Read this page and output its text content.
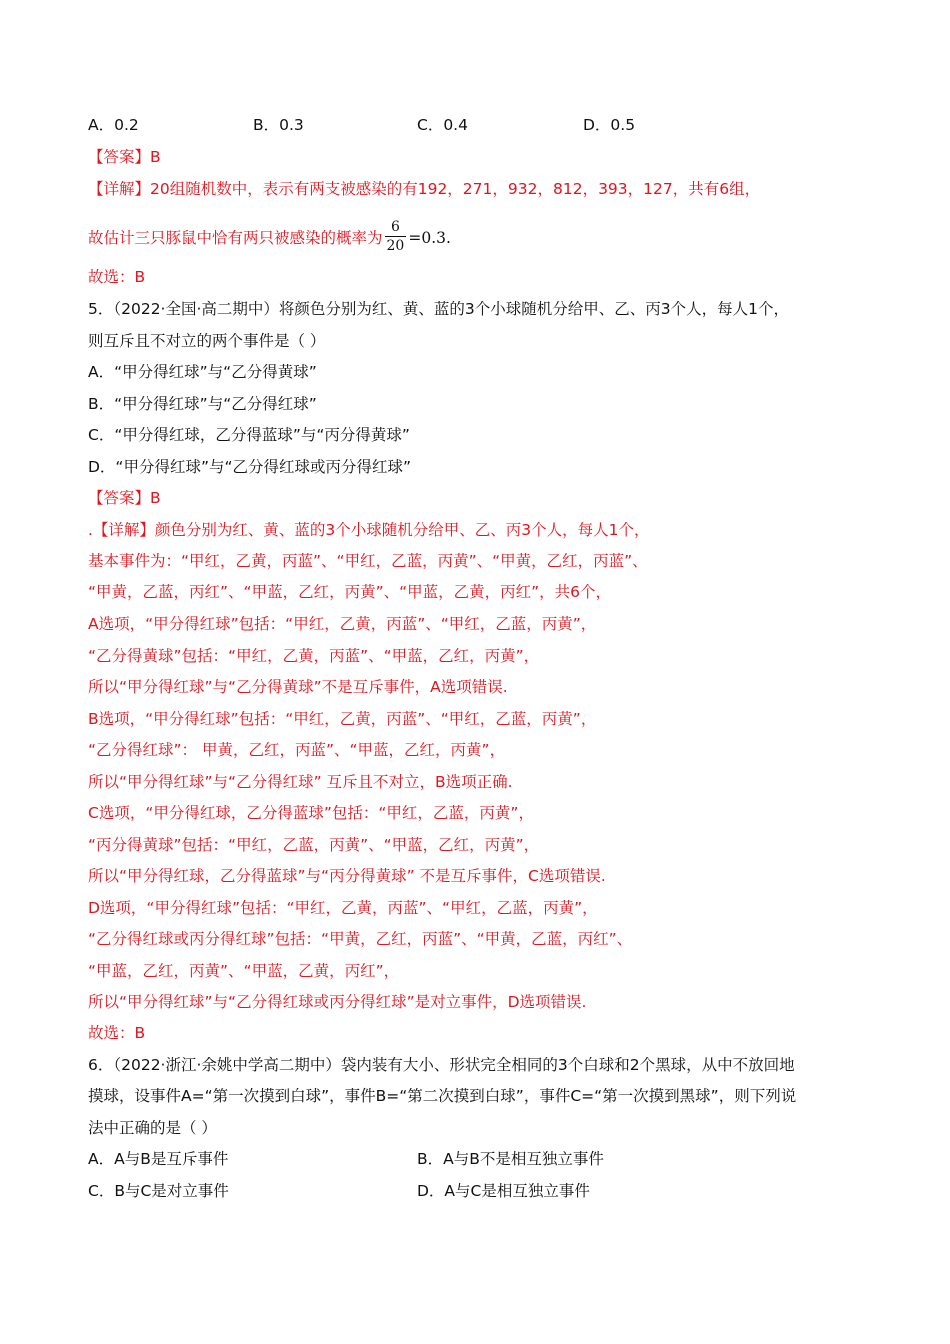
A．0.2	B．0.3	C．0.4	D．0.5
【答案】B
【详解】20组随机数中，表示有两支被感染的有192，271，932，812，393，127，共有6组，
故估计三只豚鼠中恰有两只被感染的概率为 $\frac{6}{20} =0.3$.
故选：B
5．（2022·全国·高二期中）将颜色分别为红、黄、蓝的3个小球随机分给甲、乙、丙3个人，每人1个，
则互斥且不对立的两个事件是（ ）
A．“甲分得红球”与“乙分得黄球”
B．“甲分得红球”与“乙分得红球”
C．“甲分得红球，乙分得蓝球”与“丙分得黄球”
D．“甲分得红球”与“乙分得红球或丙分得红球”
【答案】B
.【详解】颜色分别为红、黄、蓝的3个小球随机分给甲、乙、丙3个人，每人1个，
基本事件为：“甲红，乙黄，丙蓝”、“甲红，乙蓝，丙黄”、“甲黄，乙红，丙蓝”、
“甲黄，乙蓝，丙红”、“甲蓝，乙红，丙黄”、“甲蓝，乙黄，丙红”，共6个，
A选项，“甲分得红球”包括：“甲红，乙黄，丙蓝”、“甲红，乙蓝，丙黄”，
“乙分得黄球”包括：“甲红，乙黄，丙蓝”、“甲蓝，乙红，丙黄”，
所以“甲分得红球”与“乙分得黄球”不是互斥事件，A选项错误.
B选项，“甲分得红球”包括：“甲红，乙黄，丙蓝”、“甲红，乙蓝，丙黄”，
“乙分得红球”： 甲黄，乙红，丙蓝”、“甲蓝，乙红，丙黄”，
所以“甲分得红球”与“乙分得红球” 互斥且不对立，B选项正确.
C选项，“甲分得红球，乙分得蓝球”包括：“甲红，乙蓝，丙黄”，
“丙分得黄球”包括：“甲红，乙蓝，丙黄”、“甲蓝，乙红，丙黄”，
所以“甲分得红球，乙分得蓝球”与“丙分得黄球” 不是互斥事件，C选项错误.
D选项，“甲分得红球”包括：“甲红，乙黄，丙蓝”、“甲红，乙蓝，丙黄”，
“乙分得红球或丙分得红球”包括：“甲黄，乙红，丙蓝”、“甲黄，乙蓝，丙红”、
“甲蓝，乙红，丙黄”、“甲蓝，乙黄，丙红”，
所以“甲分得红球”与“乙分得红球或丙分得红球”是对立事件，D选项错误.
故选：B
6．（2022·浙江·余姚中学高二期中）袋内装有大小、形状完全相同的3个白球和2个黑球，从中不放回地
摸球，设事件A=“第一次摸到白球”，事件B=“第二次摸到白球”，事件C=“第一次摸到黑球”，则下列说
法中正确的是（ ）
A．A与B是互斥事件	B．A与B不是相互独立事件
C．B与C是对立事件	D．A与C是相互独立事件
